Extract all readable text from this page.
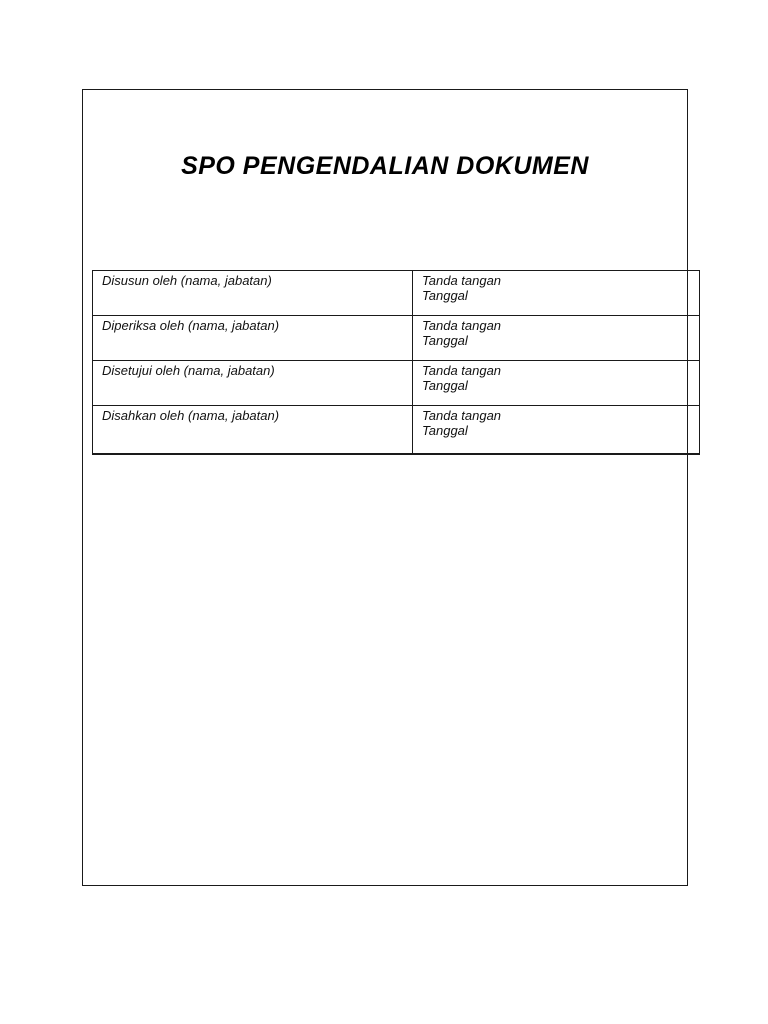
SPO PENGENDALIAN DOKUMEN
Disusun oleh (nama, jabatan)	Tanda tangan
Tanggal

Diperiksa oleh (nama, jabatan)	Tanda tangan
Tanggal

Disetujui oleh (nama, jabatan)	Tanda tangan
Tanggal

Disahkan oleh (nama, jabatan)	Tanda tangan
Tanggal
